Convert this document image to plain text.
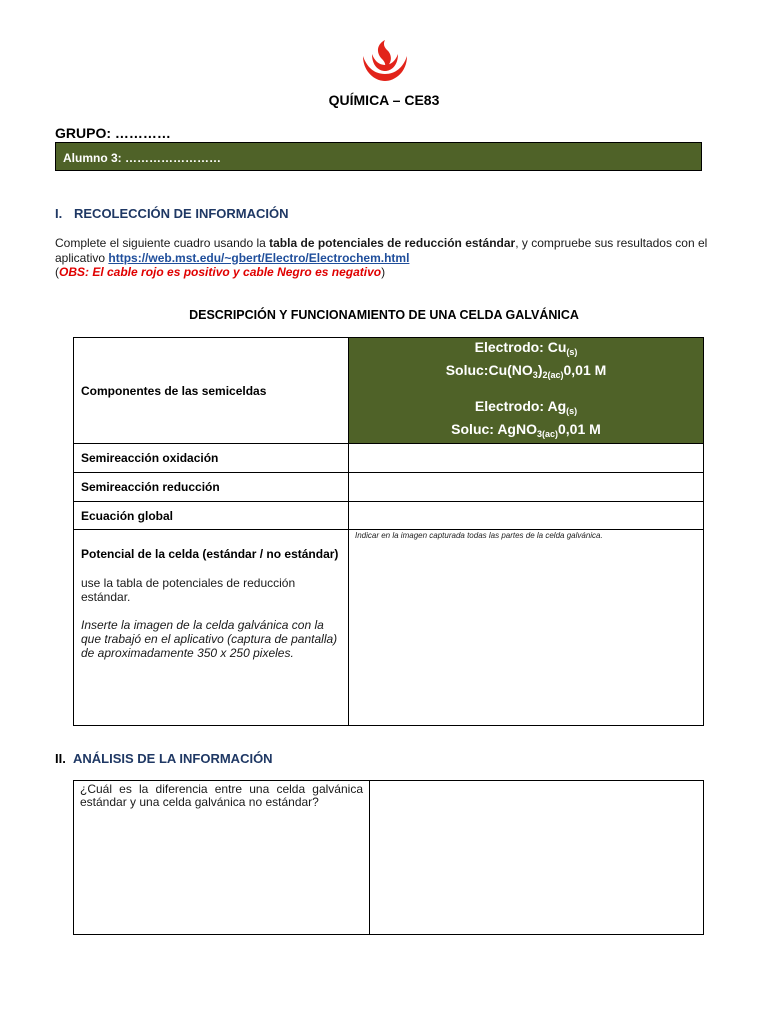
QUÍMICA – CE83
GRUPO: …………
Alumno 3: ……………………
I. RECOLECCIÓN DE INFORMACIÓN
Complete el siguiente cuadro usando la tabla de potenciales de reducción estándar, y compruebe sus resultados con el aplicativo https://web.mst.edu/~gbert/Electro/Electrochem.html
(OBS: El cable rojo es positivo y cable Negro es negativo)
DESCRIPCIÓN Y FUNCIONAMIENTO DE UNA CELDA GALVÁNICA
Componentes de las semiceldas	Electrodo: $Cu_{(s)}$
$Soluc:Cu(NO_3)_{2(ac)}0,01$ M
Electrodo: $Ag_{(s)}$
Soluc: AgNO$_{3(ac)}$0,01 M

Semireacción oxidación	

Semireacción reducción	

Ecuación global	

Potencial de la celda (estándar / no estándar)
use la tabla de potenciales de reducción estándar.
Inserte la imagen de la celda galvánica con la que trabajó en el aplicativo (captura de pantalla) de aproximadamente 350 x 250 pixeles.	Indicar en la imagen capturada todas las partes de la celda galvánica.
II. ANÁLISIS DE LA INFORMACIÓN
¿Cuál es la diferencia entre una celda galvánica estándar y una celda galvánica no estándar?
